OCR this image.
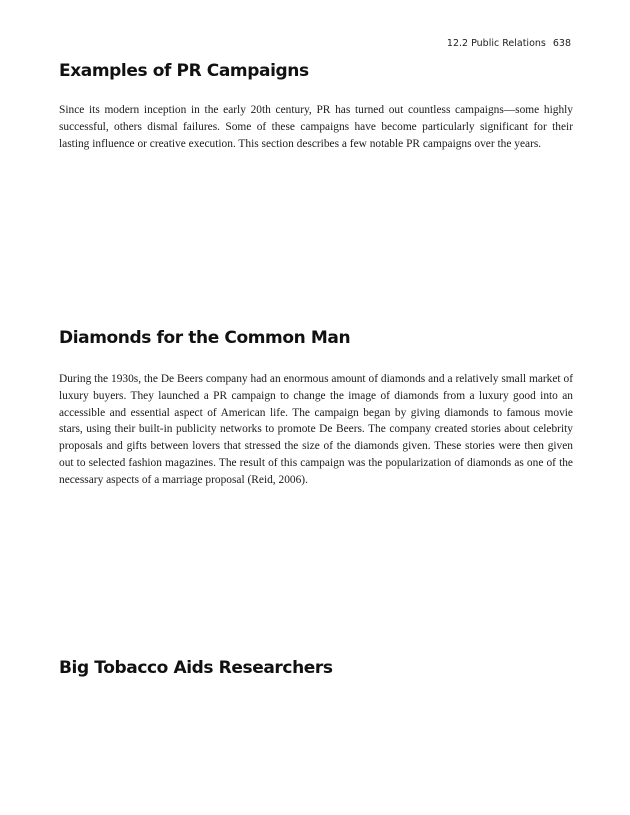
12.2 Public Relations 638
Examples of PR Campaigns

Since its modern inception in the early 20th century, PR has turned out countless campaigns—some highly successful, others dismal failures. Some of these campaigns have become particularly significant for their lasting influence or creative execution. This section describes a few notable PR campaigns over the years.

Diamonds for the Common Man

During the 1930s, the De Beers company had an enormous amount of diamonds and a relatively small market of luxury buyers. They launched a PR campaign to change the image of diamonds from a luxury good into an accessible and essential aspect of American life. The campaign began by giving diamonds to famous movie stars, using their built-in publicity networks to promote De Beers. The company created stories about celebrity proposals and gifts between lovers that stressed the size of the diamonds given. These stories were then given out to selected fashion magazines. The result of this campaign was the popularization of diamonds as one of the necessary aspects of a marriage proposal (Reid, 2006).

Big Tobacco Aids Researchers
